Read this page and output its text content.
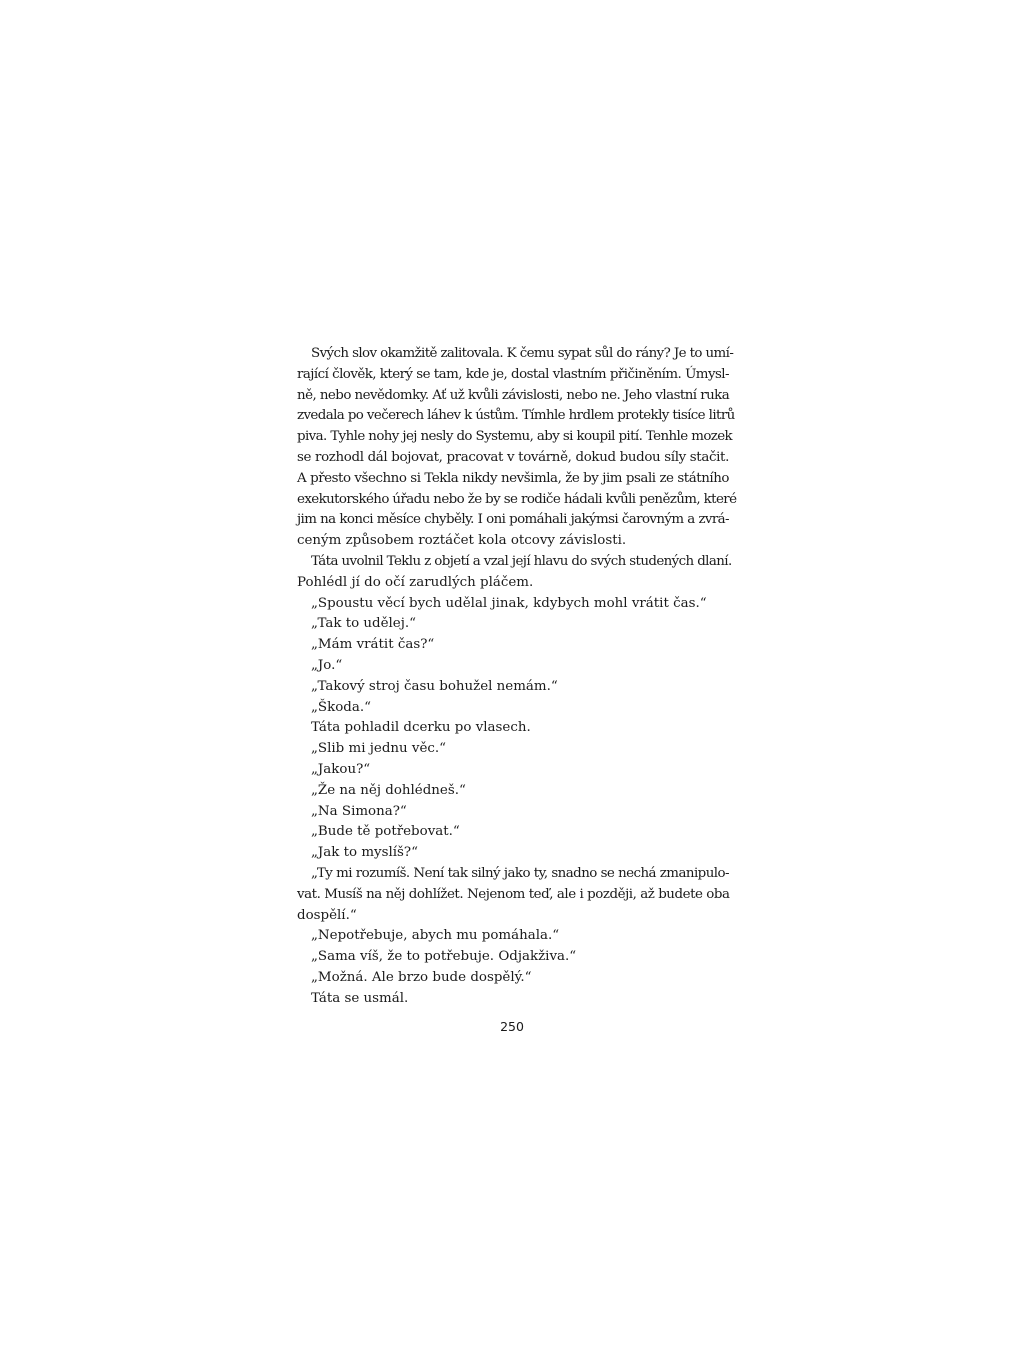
Svých slov okamžitě zalitovala. K čemu sypat sůl do rány? Je to umí-
rající člověk, který se tam, kde je, dostal vlastním přičiněním. Úmysl-
ně, nebo nevědomky. Ať už kvůli závislosti, nebo ne. Jeho vlastní ruka
zvedala po večerech láhev k ústům. Tímhle hrdlem protekly tisíce litrů
piva. Tyhle nohy jej nesly do Systemu, aby si koupil pití. Tenhle mozek
se rozhodl dál bojovat, pracovat v továrně, dokud budou síly stačit.
A přesto všechno si Tekla nikdy nevšimla, že by jim psali ze státního
exekutorského úřadu nebo že by se rodiče hádali kvůli penězům, které
jim na konci měsíce chyběly. I oni pomáhali jakýmsi čarovným a zvrá-
ceným způsobem roztáčet kola otcovy závislosti.
Táta uvolnil Teklu z objetí a vzal její hlavu do svých studených dlaní.
Pohlédl jí do očí zarudlých pláčem.
„Spoustu věcí bych udělal jinak, kdybych mohl vrátit čas.“
„Tak to udělej.“
„Mám vrátit čas?“
„Jo.“
„Takový stroj času bohužel nemám.“
„Škoda.“
Táta pohladil dcerku po vlasech.
„Slib mi jednu věc.“
„Jakou?“
„Že na něj dohlédneš.“
„Na Simona?“
„Bude tě potřebovat.“
„Jak to myslíš?“
„Ty mi rozumíš. Není tak silný jako ty, snadno se nechá zmanipulo-
vat. Musíš na něj dohlížet. Nejenom teď, ale i později, až budete oba
dospělí.“
„Nepotřebuje, abych mu pomáhala.“
„Sama víš, že to potřebuje. Odjakživa.“
„Možná. Ale brzo bude dospělý.“
Táta se usmál.
250
